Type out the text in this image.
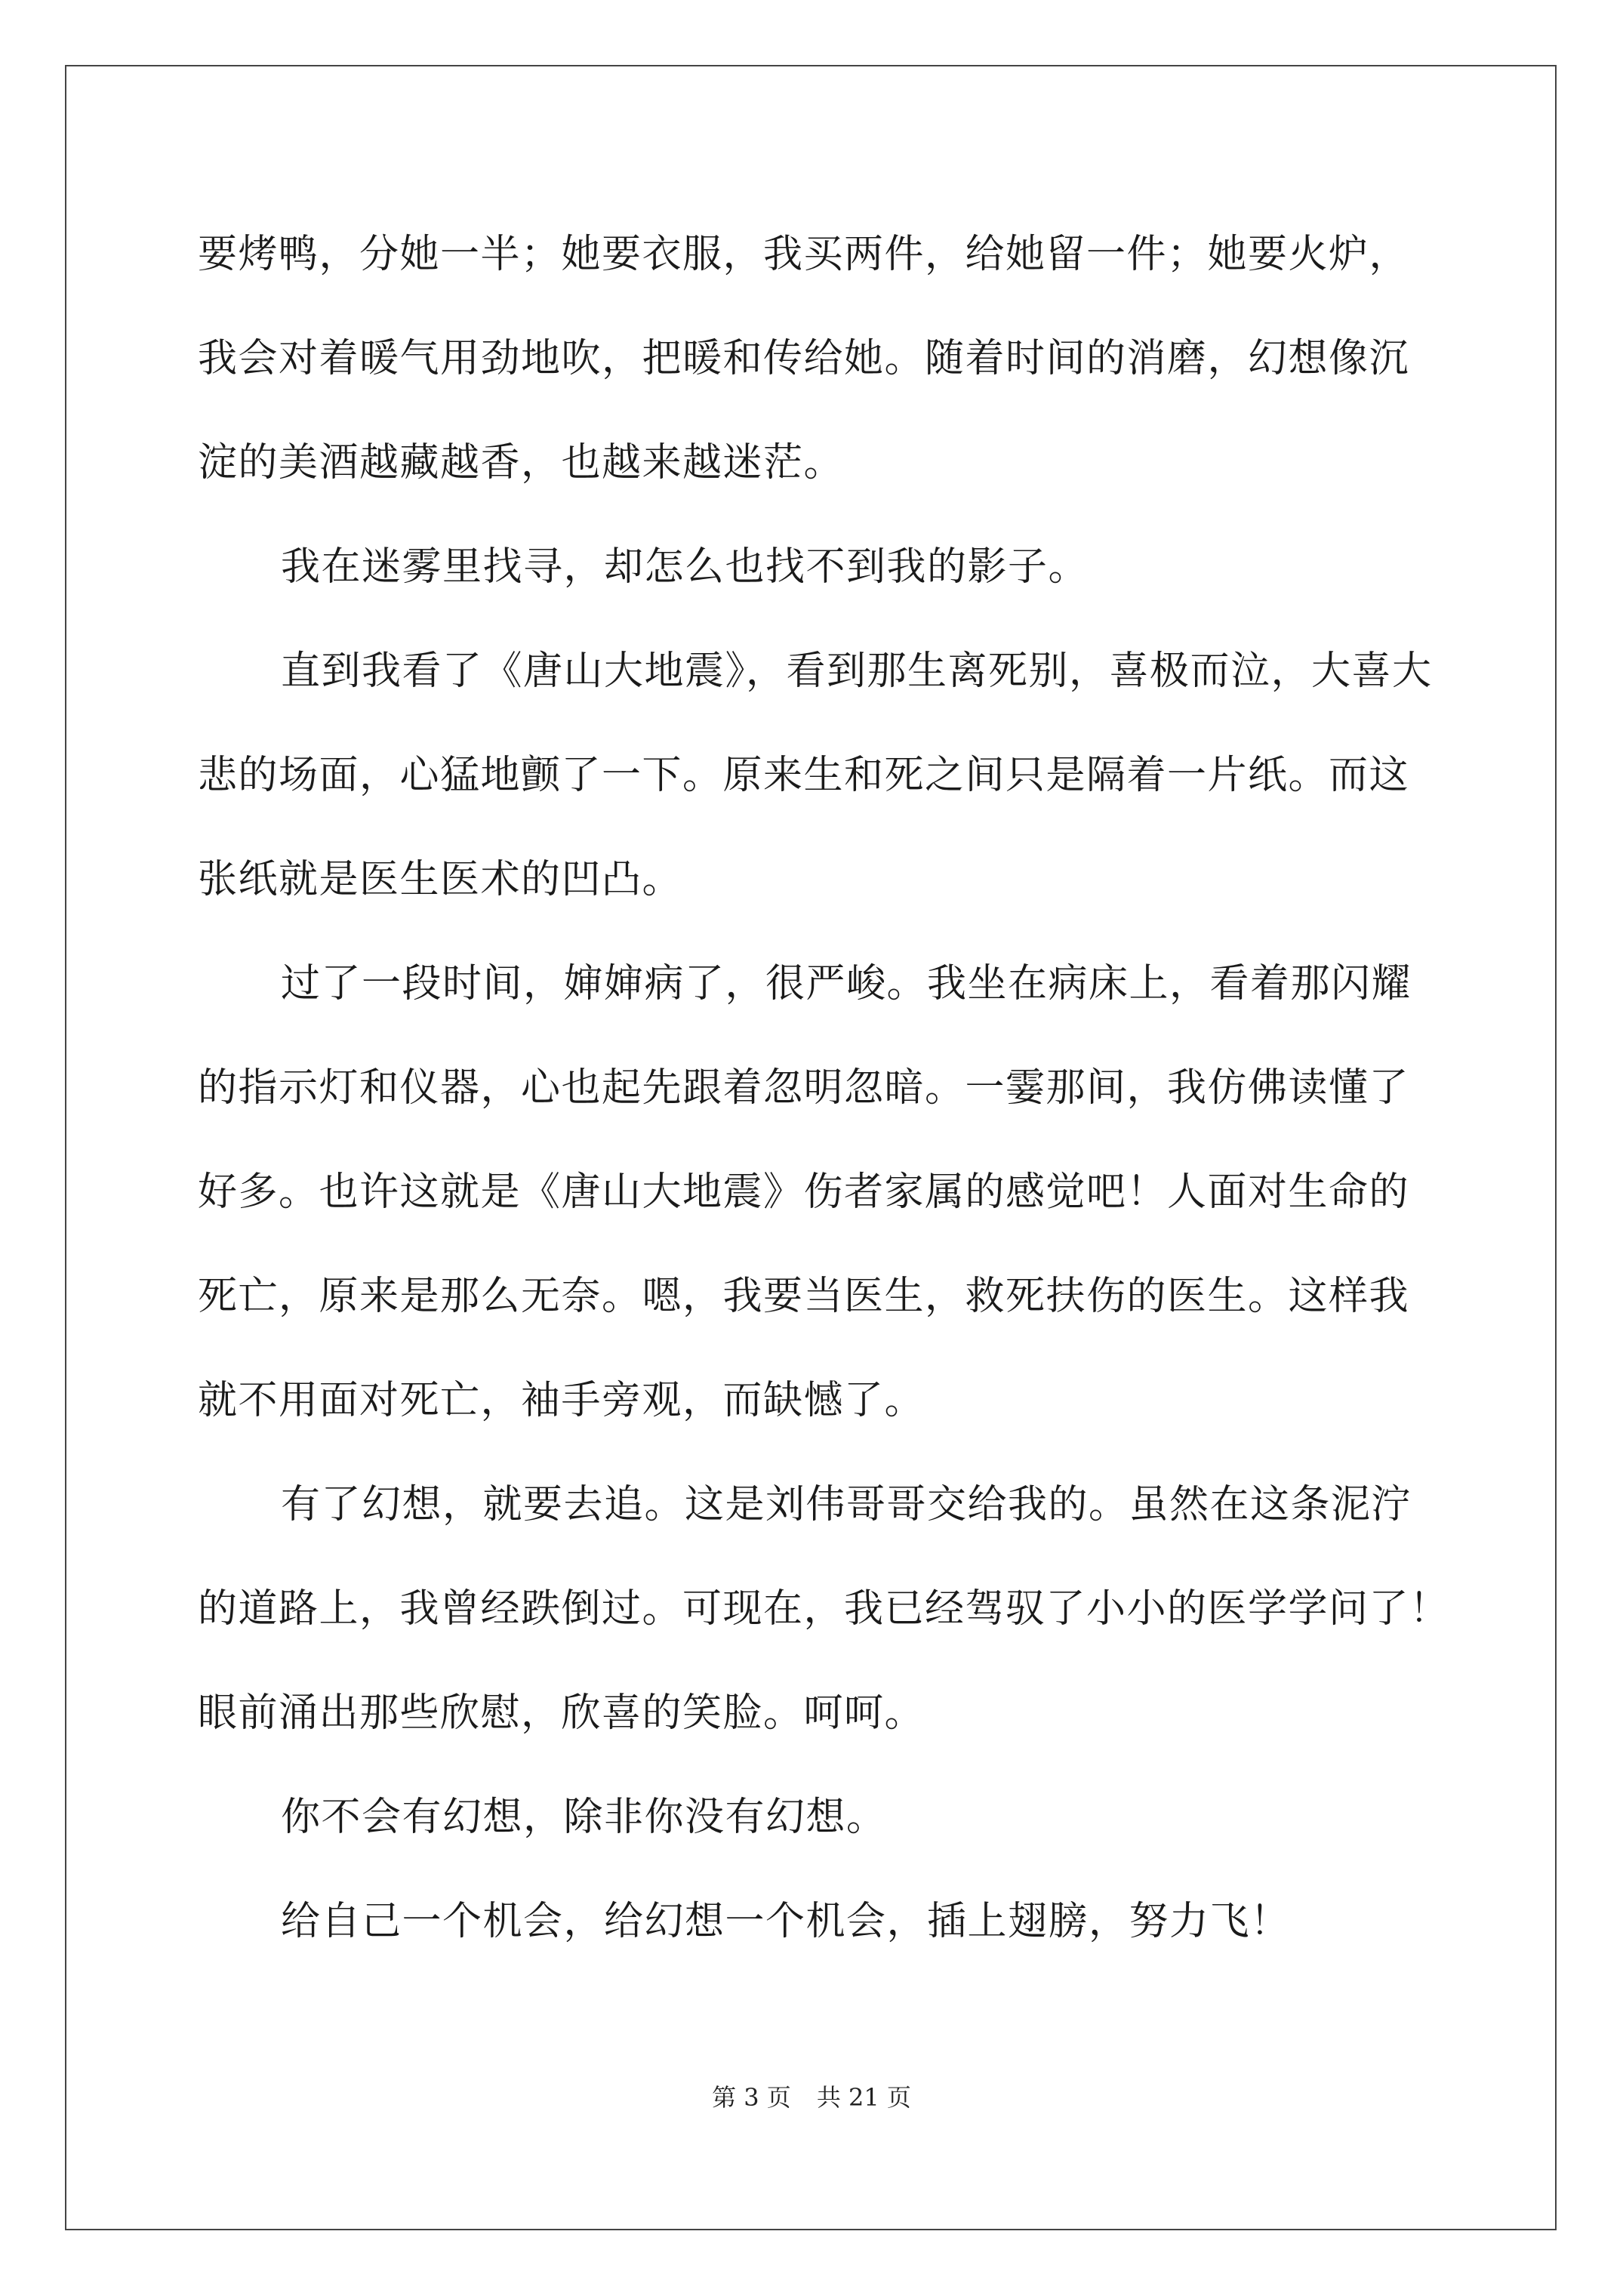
要烤鸭，分她一半；她要衣服，我买两件，给她留一件；她要火炉，
我会对着暖气用劲地吹，把暖和传给她。随着时间的消磨，幻想像沉
淀的美酒越藏越香，也越来越迷茫。
我在迷雾里找寻，却怎么也找不到我的影子。
直到我看了《唐山大地震》，看到那生离死别，喜极而泣，大喜大
悲的场面，心猛地颤了一下。原来生和死之间只是隔着一片纸。而这
张纸就是医生医术的凹凸。
过了一段时间，婶婶病了，很严峻。我坐在病床上，看着那闪耀
的指示灯和仪器，心也起先跟着忽明忽暗。一霎那间，我仿佛读懂了
好多。也许这就是《唐山大地震》伤者家属的感觉吧！人面对生命的
死亡，原来是那么无奈。嗯，我要当医生，救死扶伤的医生。这样我
就不用面对死亡，袖手旁观，而缺憾了。
有了幻想，就要去追。这是刘伟哥哥交给我的。虽然在这条泥泞
的道路上，我曾经跌倒过。可现在，我已经驾驭了小小的医学学问了！
眼前涌出那些欣慰，欣喜的笑脸。呵呵。
你不会有幻想，除非你没有幻想。
给自己一个机会，给幻想一个机会，插上翅膀，努力飞！
第 3 页 共 21 页
